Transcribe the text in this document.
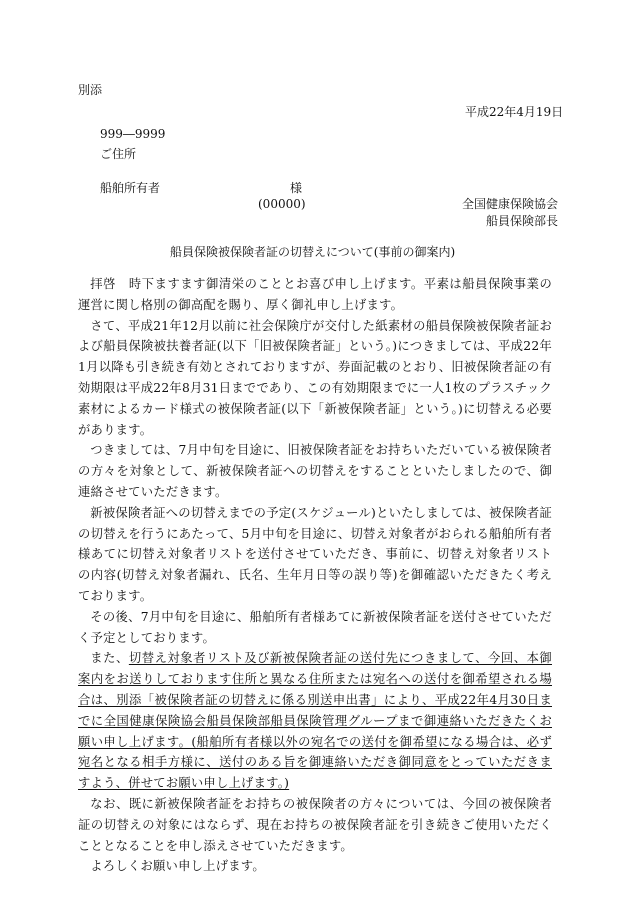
別添
平成22年4月19日
999―9999
ご住所
船舶所有者	様
(00000)	全国健康保険協会
船員保険部長
船員保険被保険者証の切替えについて(事前の御案内)

拝啓　時下ますます御清栄のこととお喜び申し上げます。平素は船員保険事業の運営に関し格別の御高配を賜り、厚く御礼申し上げます。

さて、平成21年12月以前に社会保険庁が交付した紙素材の船員保険被保険者証および船員保険被扶養者証(以下「旧被保険者証」という。)につきましては、平成22年1月以降も引き続き有効とされておりますが、券面記載のとおり、旧被保険者証の有効期限は平成22年8月31日までであり、この有効期限までに一人1枚のプラスチック素材によるカード様式の被保険者証(以下「新被保険者証」という。)に切替える必要があります。

つきましては、7月中旬を目途に、旧被保険者証をお持ちいただいている被保険者の方々を対象として、新被保険者証への切替えをすることといたしましたので、御連絡させていただきます。

新被保険者証への切替えまでの予定(スケジュール)といたしましては、被保険者証の切替えを行うにあたって、5月中旬を目途に、切替え対象者がおられる船舶所有者様あてに切替え対象者リストを送付させていただき、事前に、切替え対象者リストの内容(切替え対象者漏れ、氏名、生年月日等の誤り等)を御確認いただきたく考えております。

その後、7月中旬を目途に、船舶所有者様あてに新被保険者証を送付させていただく予定としております。

また、切替え対象者リスト及び新被保険者証の送付先につきまして、今回、本御案内をお送りしております住所と異なる住所または宛名への送付を御希望される場合は、別添「被保険者証の切替えに係る別送申出書」により、平成22年4月30日までに全国健康保険協会船員保険部船員保険管理グループまで御連絡いただきたくお願い申し上げます。(船舶所有者様以外の宛名での送付を御希望になる場合は、必ず宛名となる相手方様に、送付のある旨を御連絡いただき御同意をとっていただきますよう、併せてお願い申し上げます。)

なお、既に新被保険者証をお持ちの被保険者の方々については、今回の被保険者証の切替えの対象にはならず、現在お持ちの被保険者証を引き続きご使用いただくこととなることを申し添えさせていただきます。

よろしくお願い申し上げます。
